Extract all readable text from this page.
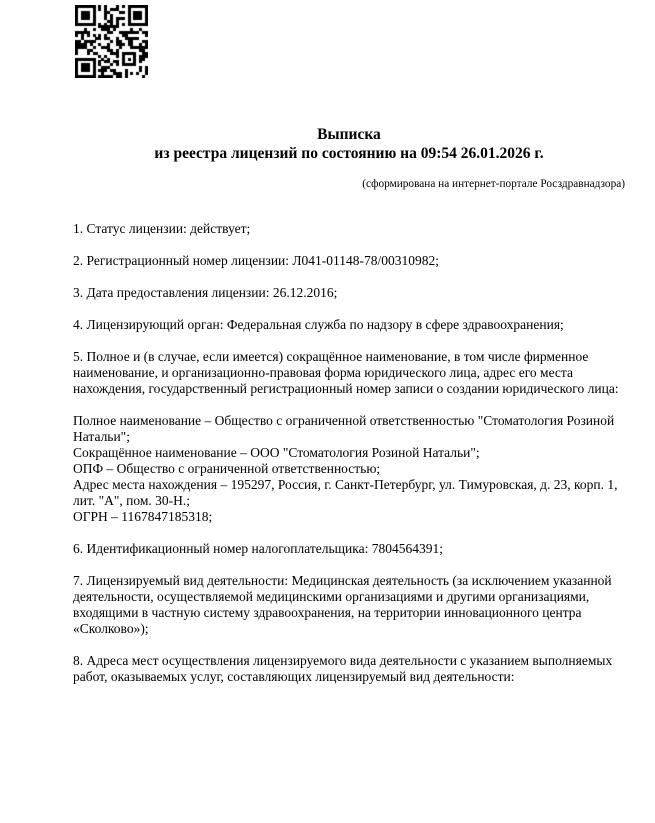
Выписка
из реестра лицензий по состоянию на 09:54 26.01.2026 г.
(сформирована на интернет-портале Росздравнадзора)

1. Статус лицензии: действует;

2. Регистрационный номер лицензии: Л041-01148-78/00310982;

3. Дата предоставления лицензии: 26.12.2016;

4. Лицензирующий орган: Федеральная служба по надзору в сфере здравоохранения;

5. Полное и (в случае, если имеется) сокращённое наименование, в том числе фирменное наименование, и организационно-правовая форма юридического лица, адрес его места нахождения, государственный регистрационный номер записи о создании юридического лица:

Полное наименование – Общество с ограниченной ответственностью "Стоматология Розиной Натальи";
Сокращённое наименование – ООО "Стоматология Розиной Натальи";
ОПФ – Общество с ограниченной ответственностью;
Адрес места нахождения – 195297, Россия, г. Санкт-Петербург, ул. Тимуровская, д. 23, корп. 1, лит. "А", пом. 30-Н.;
ОГРН – 1167847185318;

6. Идентификационный номер налогоплательщика: 7804564391;

7. Лицензируемый вид деятельности: Медицинская деятельность (за исключением указанной деятельности, осуществляемой медицинскими организациями и другими организациями, входящими в частную систему здравоохранения, на территории инновационного центра «Сколково»);

8. Адреса мест осуществления лицензируемого вида деятельности с указанием выполняемых работ, оказываемых услуг, составляющих лицензируемый вид деятельности:
